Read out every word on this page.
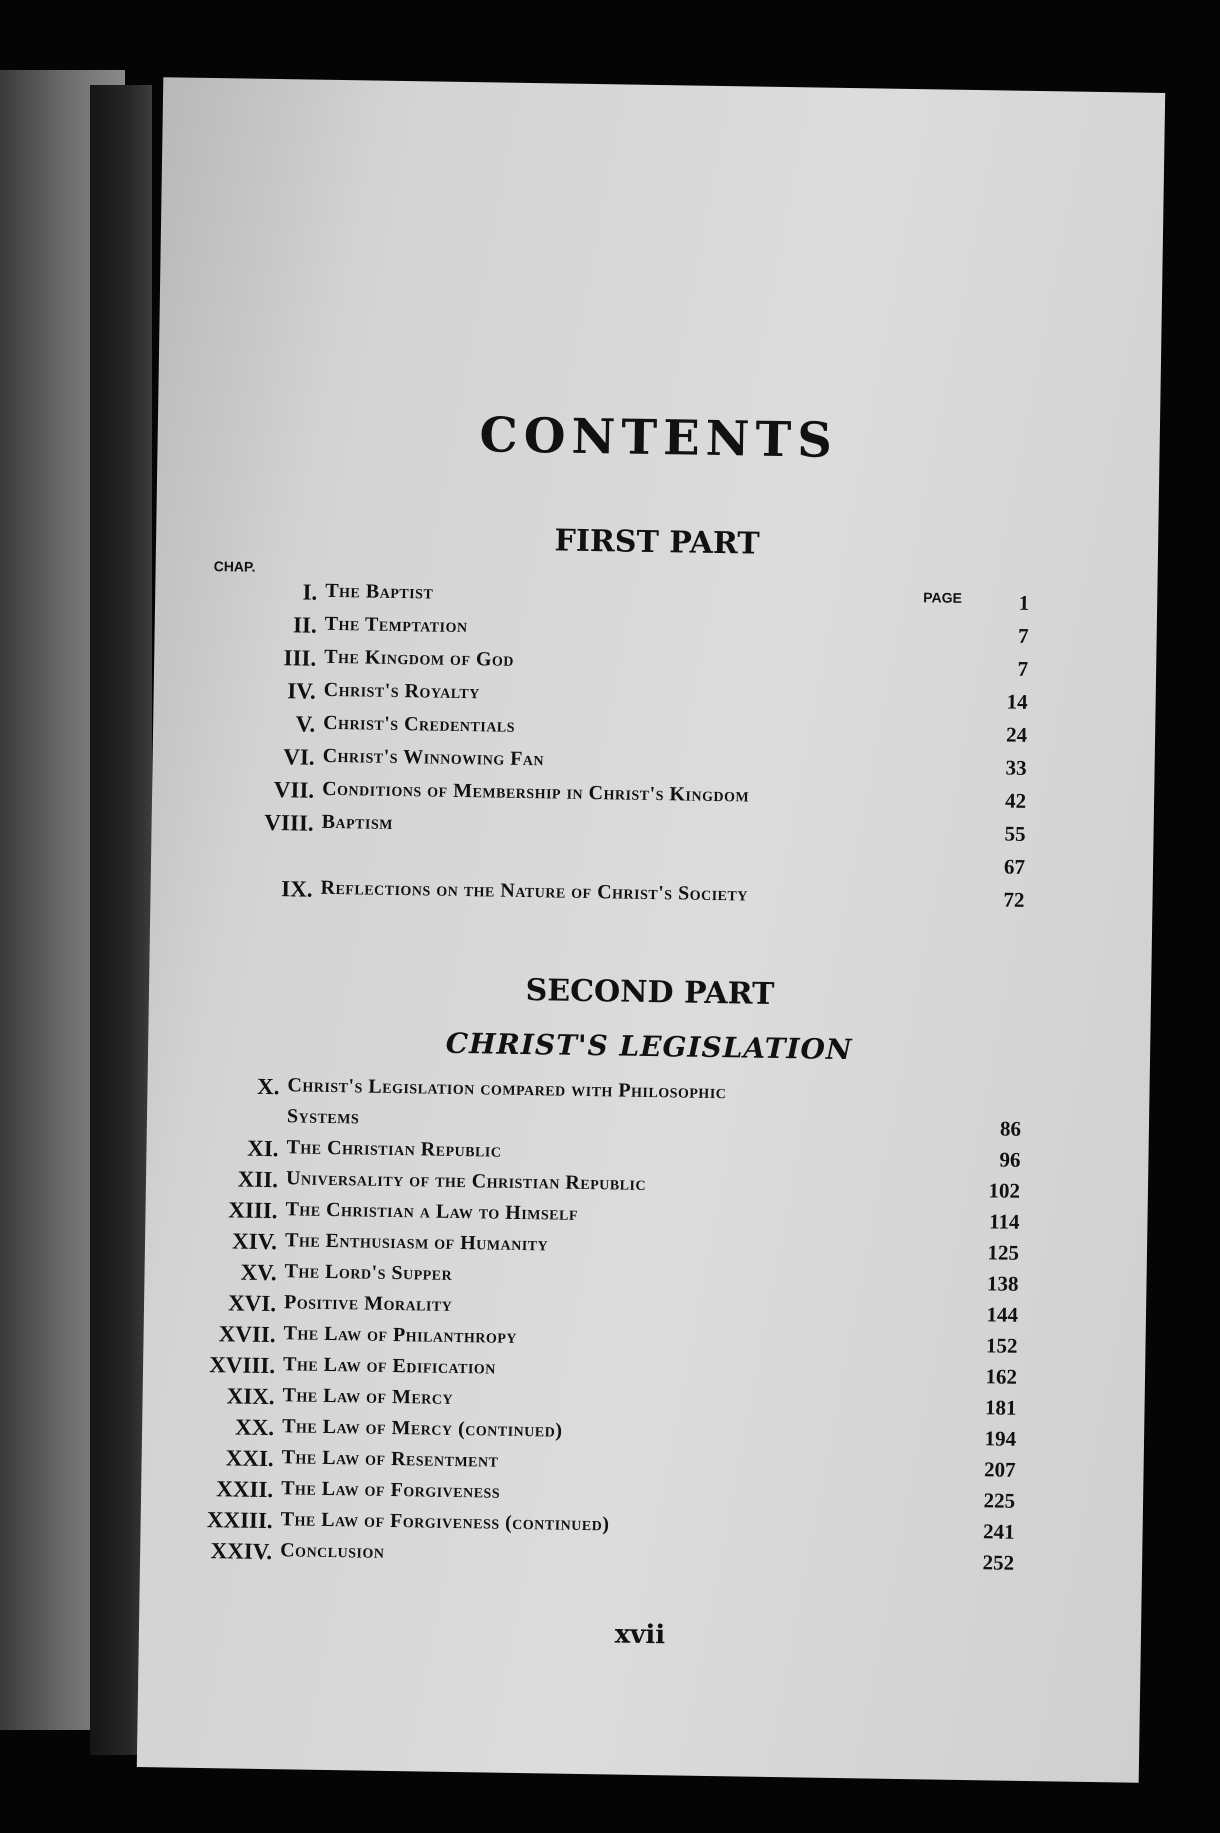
CONTENTS
FIRST PART
CHAP.
PAGE
I. The Baptist	1
II. The Temptation	7
III. The Kingdom of God	7
IV. Christ's Royalty	14
V. Christ's Credentials	24
VI. Christ's Winnowing Fan	33
VII. Conditions of Membership in Christ's Kingdom	42
VIII. Baptism	55
67
IX. Reflections on the Nature of Christ's Society	72
SECOND PART
CHRIST'S LEGISLATION
X. Christ's Legislation compared with Philosophic
Systems	86
XI. The Christian Republic	96
XII. Universality of the Christian Republic	102
XIII. The Christian a Law to Himself	114
XIV. The Enthusiasm of Humanity	125
XV. The Lord's Supper	138
XVI. Positive Morality	144
XVII. The Law of Philanthropy	152
XVIII. The Law of Edification	162
XIX. The Law of Mercy	181
XX. The Law of Mercy (continued)	194
XXI. The Law of Resentment	207
XXII. The Law of Forgiveness	225
XXIII. The Law of Forgiveness (continued)	241
XXIV. Conclusion	252
xvii
